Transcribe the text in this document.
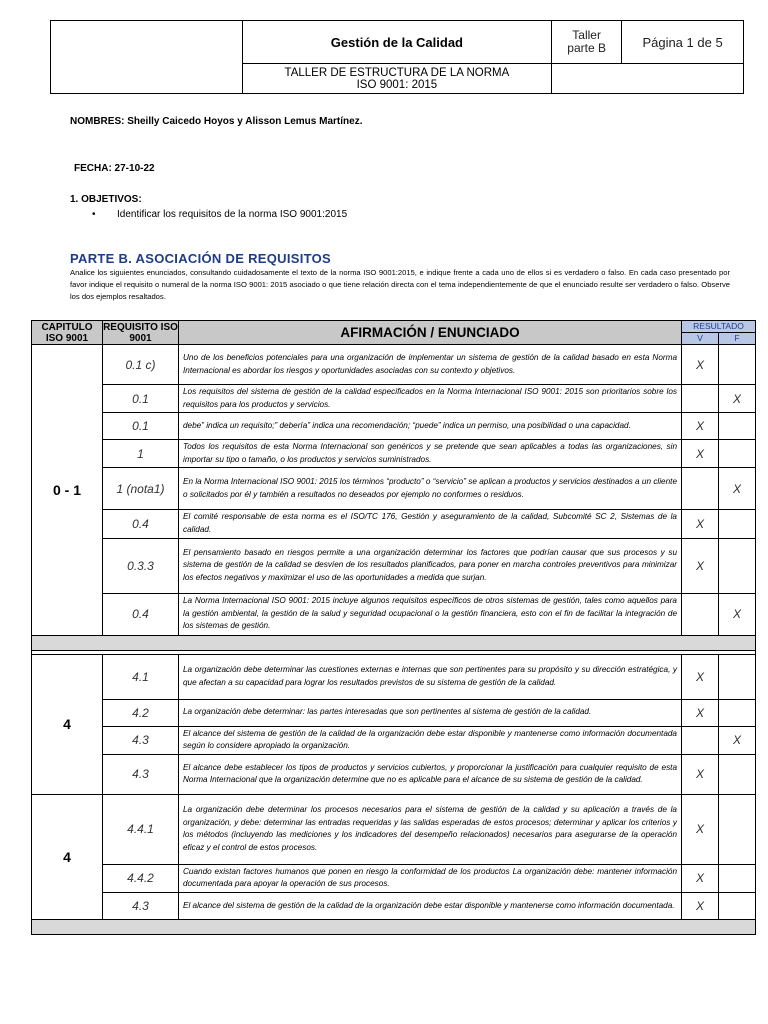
	Gestión de la Calidad	Taller parte B	Página 1 de 5

	TALLER DE ESTRUCTURA DE LA NORMA
ISO 9001: 2015		

NOMBRES: Sheilly Caicedo Hoyos y Alisson Lemus Martínez.
FECHA: 27-10-22
1. OBJETIVOS:
• Identificar los requisitos de la norma ISO 9001:2015
PARTE B. ASOCIACIÓN DE REQUISITOS
Analice los siguientes enunciados, consultando cuidadosamente el texto de la norma ISO 9001:2015, e indique frente a cada uno de ellos si es verdadero o falso. En cada caso presentado por favor indique el requisito o numeral de la norma ISO 9001: 2015 asociado o que tiene relación directa con el tema independientemente de que el enunciado resulte ser verdadero o falso. Observe los dos ejemplos resaltados.
CAPITULO ISO 9001	REQUISITO ISO 9001	AFIRMACIÓN / ENUNCIADO	RESULTADO	
			V	F
0 - 1	0.1 c)	Uno de los beneficios potenciales para una organización de implementar un sistema de gestión de la calidad basado en esta Norma Internacional es abordar los riesgos y oportunidades asociadas con su contexto y objetivos.	X	
	0.1	Los requisitos del sistema de gestión de la calidad especificados en la Norma Internacional ISO 9001: 2015 son prioritarios sobre los requisitos para los productos y servicios.		X
	0.1	debe” indica un requisito;” debería” indica una recomendación; “puede” indica un permiso, una posibilidad o una capacidad.	X	
	1	Todos los requisitos de esta Norma Internacional son genéricos y se pretende que sean aplicables a todas las organizaciones, sin importar su tipo o tamaño, o los productos y servicios suministrados.	X	
	1 (nota1)	En la Norma Internacional ISO 9001: 2015 los términos “producto” o “servicio” se aplican a productos y servicios destinados a un cliente o solicitados por él y también a resultados no deseados por ejemplo no conformes o residuos.		X
	0.4	El comité responsable de esta norma es el ISO/TC 176, Gestión y aseguramiento de la calidad, Subcomité SC 2, Sistemas de la calidad.	X	
	0.3.3	El pensamiento basado en riesgos permite a una organización determinar los factores que podrían causar que sus procesos y su sistema de gestión de la calidad se desvíen de los resultados planificados, para poner en marcha controles preventivos para minimizar los efectos negativos y maximizar el uso de las oportunidades a medida que surjan.	X	
	0.4	La Norma Internacional ISO 9001: 2015 incluye algunos requisitos específicos de otros sistemas de gestión, tales como aquellos para la gestión ambiental, la gestión de la salud y seguridad ocupacional o la gestión financiera, esto con el fin de facilitar la integración de los sistemas de gestión.		X

4	4.1	La organización debe determinar las cuestiones externas e internas que son pertinentes para su propósito y su dirección estratégica, y que afectan a su capacidad para lograr los resultados previstos de su sistema de gestión de la calidad.	X	
	4.2	La organización debe determinar: las partes interesadas que son pertinentes al sistema de gestión de la calidad.	X	
	4.3	El alcance del sistema de gestión de la calidad de la organización debe estar disponible y mantenerse como información documentada según lo considere apropiado la organización.		X
	4.3	El alcance debe establecer los tipos de productos y servicios cubiertos, y proporcionar la justificación para cualquier requisito de esta Norma Internacional que la organización determine que no es aplicable para el alcance de su sistema de gestión de la calidad.	X	
4	4.4.1	La organización debe determinar los procesos necesarios para el sistema de gestión de la calidad y su aplicación a través de la organización, y debe: determinar las entradas requeridas y las salidas esperadas de estos procesos; determinar y aplicar los criterios y los métodos (incluyendo las mediciones y los indicadores del desempeño relacionados) necesarios para asegurarse de la operación eficaz y el control de estos procesos.	X	
	4.4.2	Cuando existan factores humanos que ponen en riesgo la conformidad de los productos La organización debe: mantener información documentada para apoyar la operación de sus procesos.	X	
	4.3	El alcance del sistema de gestión de la calidad de la organización debe estar disponible y mantenerse como información documentada.	X	
